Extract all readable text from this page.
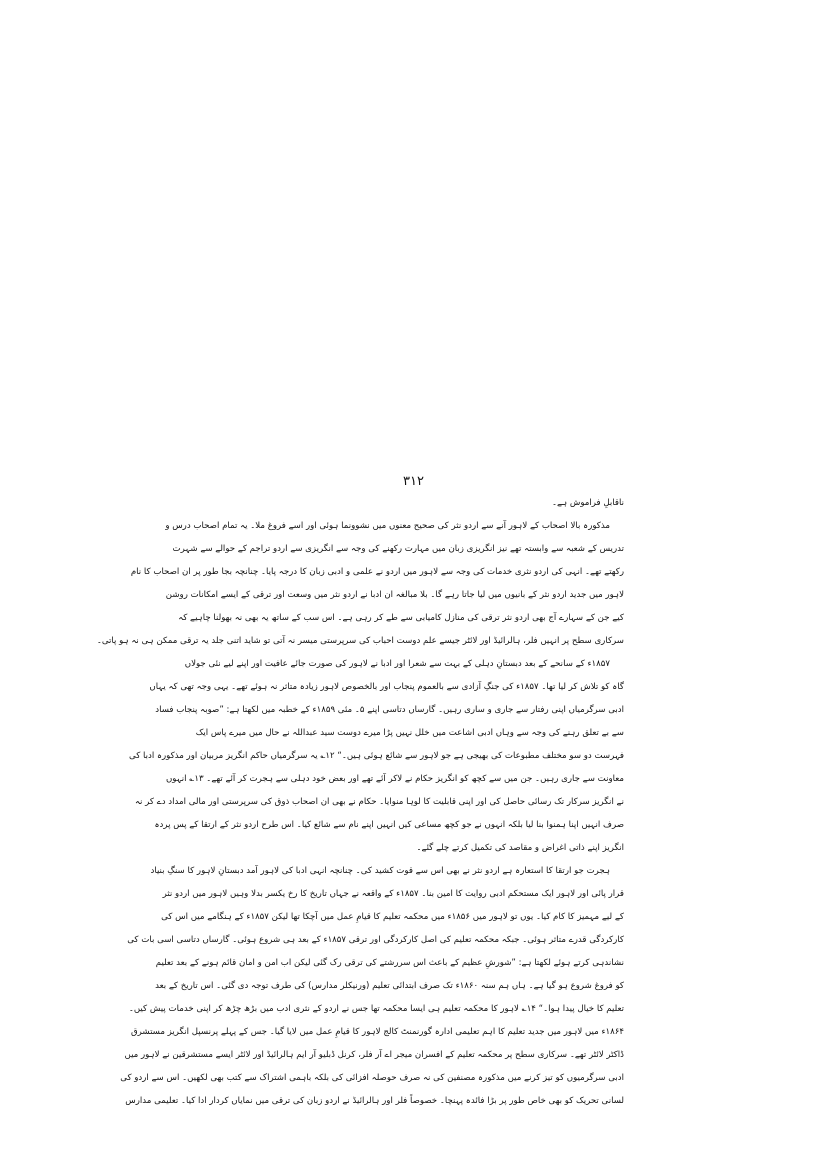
۳۱۲
ناقابلِ فراموش ہے۔
مذکورہ بالا اصحاب کے لاہور آنے سے اردو نثر کی صحیح معنوں میں نشوونما ہوئی اور اسے فروغ ملا۔ یہ تمام اصحاب درس و
تدریس کے شعبہ سے وابستہ تھے نیز انگریزی زبان میں مہارت رکھنے کی وجہ سے انگریزی سے اردو تراجم کے حوالے سے شہرت
رکھتے تھے۔ انہی کی اردو نثری خدمات کی وجہ سے لاہور میں اردو نے علمی و ادبی زبان کا درجہ پایا۔ چنانچہ بجا طور پر ان اصحاب کا نام
لاہور میں جدید اردو نثر کے بانیوں میں لیا جاتا رہے گا۔ بلا مبالغہ ان ادبا نے اردو نثر میں وسعت اور ترقی کے ایسے امکانات روشن
کیے جن کے سہارے آج بھی اردو نثر ترقی کی منازل کامیابی سے طے کر رہی ہے۔ اس سب کے ساتھ یہ بھی نہ بھولنا چاہیے کہ
سرکاری سطح پر انہیں فلر، ہالرائیڈ اور لائٹر جیسے علم دوست احباب کی سرپرستی میسر نہ آتی تو شاید اتنی جلد یہ ترقی ممکن ہی نہ ہو پاتی۔
۱۸۵۷ء کے سانحے کے بعد دبستانِ دہلی کے بہت سے شعرا اور ادبا نے لاہور کی صورت جائے عافیت اور اپنے لیے نئی جولاں
گاہ کو تلاش کر لیا تھا۔ ۱۸۵۷ء کی جنگِ آزادی سے بالعموم پنجاب اور بالخصوص لاہور زیادہ متاثر نہ ہوئے تھے۔ یہی وجہ تھی کہ یہاں
ادبی سرگرمیاں اپنی رفتار سے جاری و ساری رہیں۔ گارساں دتاسی اپنے ۵۔ مئی ۱۸۵۹ء کے خطبہ میں لکھتا ہے: ”صوبہ پنجاب فساد
سے بے تعلق رہنے کی وجہ سے وہاں ادبی اشاعت میں خلل نہیں پڑا میرے دوست سید عبداللہ نے حال میں میرے پاس ایک
فہرست دو سو مختلف مطبوعات کی بھیجی ہے جو لاہور سے شائع ہوئی ہیں۔“ ۱۲؎ یہ سرگرمیاں حاکم انگریز مربیان اور مذکورہ ادبا کی
معاونت سے جاری رہیں۔ جن میں سے کچھ کو انگریز حکام نے لاکر آئے تھے اور بعض خود دہلی سے ہجرت کر آئے تھے۔ ۱۳؎ انہوں
نے انگریز سرکار تک رسائی حاصل کی اور اپنی قابلیت کا لوہا منوایا۔ حکام نے بھی ان اصحاب ذوق کی سرپرستی اور مالی امداد دے کر نہ
صرف انہیں اپنا ہمنوا بنا لیا بلکہ انہوں نے جو کچھ مساعی کیں انہیں اپنے نام سے شائع کیا۔ اس طرح اردو نثر کے ارتقا کے پس پردہ
انگریز اپنے ذاتی اغراض و مقاصد کی تکمیل کرتے چلے گئے۔
ہجرت جو ارتقا کا استعارہ ہے اردو نثر نے بھی اس سے قوت کشید کی۔ چنانچہ انہی ادبا کی لاہور آمد دبستانِ لاہور کا سنگِ بنیاد
قرار پائی اور لاہور ایک مستحکم ادبی روایت کا امین بنا۔ ۱۸۵۷ء کے واقعہ نے جہاں تاریخ کا رخ یکسر بدلا وہیں لاہور میں اردو نثر
کے لیے مہمیز کا کام کیا۔ یوں تو لاہور میں ۱۸۵۶ء میں محکمہ تعلیم کا قیامِ عمل میں آچکا تھا لیکن ۱۸۵۷ء کے ہنگامے میں اس کی
کارکردگی قدرے متاثر ہوئی۔ جبکہ محکمہ تعلیم کی اصل کارکردگی اور ترقی ۱۸۵۷ء کے بعد ہی شروع ہوئی۔ گارساں دتاسی اسی بات کی
نشاندہی کرتے ہوئے لکھتا ہے: ”شورشِ عظیم کے باعث اس سررشتے کی ترقی رک گئی لیکن اب امن و امان قائم ہونے کے بعد تعلیم
کو فروغ شروع ہو گیا ہے۔ ہاں ہم سنہ ۱۸۶۰ء تک صرف ابتدائی تعلیم (ورنیکلر مدارس) کی طرف توجہ دی گئی۔ اس تاریخ کے بعد
تعلیم کا خیال پیدا ہوا۔“ ۱۴؎ لاہور کا محکمہ تعلیم ہی ایسا محکمہ تھا جس نے اردو کے نثری ادب میں بڑھ چڑھ کر اپنی خدمات پیش کیں۔
۱۸۶۴ء میں لاہور میں جدید تعلیم کا اہم تعلیمی ادارہ گورنمنٹ کالج لاہور کا قیامِ عمل میں لایا گیا۔ جس کے پہلے پرنسپل انگریز مستشرق
ڈاکٹر لائٹر تھے۔ سرکاری سطح پر محکمہ تعلیم کے افسران میجر اے آر فلر، کرنل ڈبلیو آر ایم ہالرائیڈ اور لائٹر ایسے مستشرقین نے لاہور میں
ادبی سرگرمیوں کو تیز کرنے میں مذکورہ مصنفین کی نہ صرف حوصلہ افزائی کی بلکہ باہمی اشتراک سے کتب بھی لکھیں۔ اس سے اردو کی
لسانی تحریک کو بھی خاص طور پر بڑا فائدہ پہنچا۔ خصوصاً فلر اور ہالرائیڈ نے اردو زبان کی ترقی میں نمایاں کردار ادا کیا۔ تعلیمی مدارس
